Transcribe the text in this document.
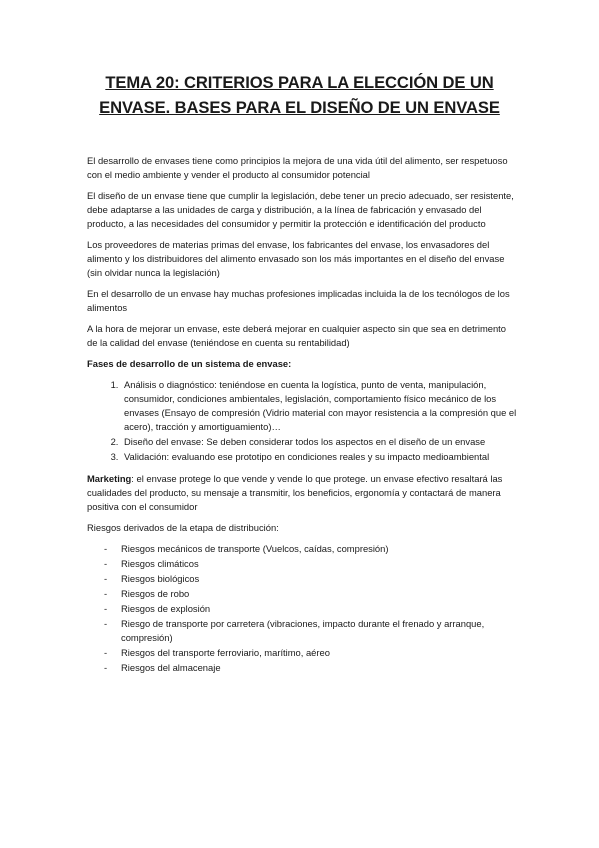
TEMA 20: CRITERIOS PARA LA ELECCIÓN DE UN
ENVASE. BASES PARA EL DISEÑO DE UN ENVASE

El desarrollo de envases tiene como principios la mejora de una vida útil del alimento, ser respetuoso con el medio ambiente y vender el producto al consumidor potencial

El diseño de un envase tiene que cumplir la legislación, debe tener un precio adecuado, ser resistente, debe adaptarse a las unidades de carga y distribución, a la línea de fabricación y envasado del producto, a las necesidades del consumidor y permitir la protección e identificación del producto

Los proveedores de materias primas del envase, los fabricantes del envase, los envasadores del alimento y los distribuidores del alimento envasado son los más importantes en el diseño del envase (sin olvidar nunca la legislación)

En el desarrollo de un envase hay muchas profesiones implicadas incluida la de los tecnólogos de los alimentos

A la hora de mejorar un envase, este deberá mejorar en cualquier aspecto sin que sea en detrimento de la calidad del envase (teniéndose en cuenta su rentabilidad)

Fases de desarrollo de un sistema de envase:

1. Análisis o diagnóstico: teniéndose en cuenta la logística, punto de venta, manipulación, consumidor, condiciones ambientales, legislación, comportamiento físico mecánico de los envases (Ensayo de compresión (Vidrio material con mayor resistencia a la compresión que el acero), tracción y amortiguamiento)…
2. Diseño del envase: Se deben considerar todos los aspectos en el diseño de un envase
3. Validación: evaluando ese prototipo en condiciones reales y su impacto medioambiental

Marketing: el envase protege lo que vende y vende lo que protege. un envase efectivo resaltará las cualidades del producto, su mensaje a transmitir, los beneficios, ergonomía y contactará de manera positiva con el consumidor

Riesgos derivados de la etapa de distribución:

- Riesgos mecánicos de transporte (Vuelcos, caídas, compresión)
- Riesgos climáticos
- Riesgos biológicos
- Riesgos de robo
- Riesgos de explosión
- Riesgo de transporte por carretera (vibraciones, impacto durante el frenado y arranque, compresión)
- Riesgos del transporte ferroviario, marítimo, aéreo
- Riesgos del almacenaje
